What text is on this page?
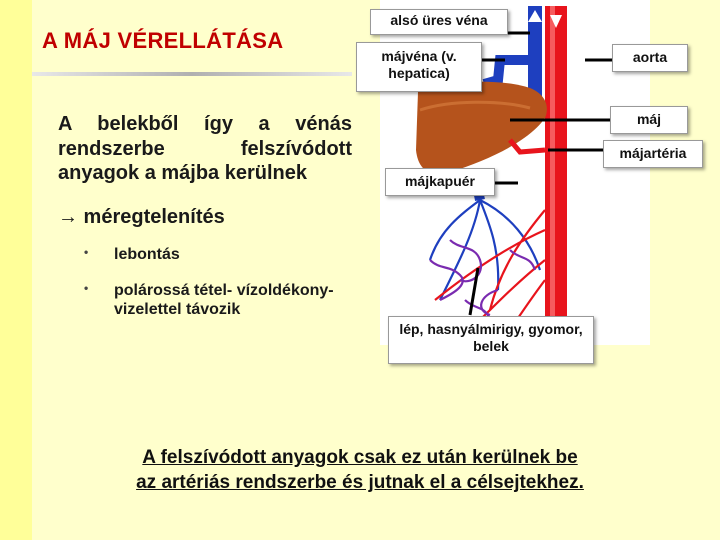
A MÁJ VÉRELLÁTÁSA
A belekből így a vénás rendszerbe felszívódott anyagok a májba kerülnek
→ méregtelenítés
• lebontás
• polárossá tétel- vízoldékony- vizelettel távozik
alsó üres véna
májvéna (v. hepatica)
aorta
máj
májartéria
májkapuér
lép, hasnyálmirigy, gyomor, belek
A felszívódott anyagok csak ez után kerülnek be
az artériás rendszerbe és jutnak el a célsejtekhez.
